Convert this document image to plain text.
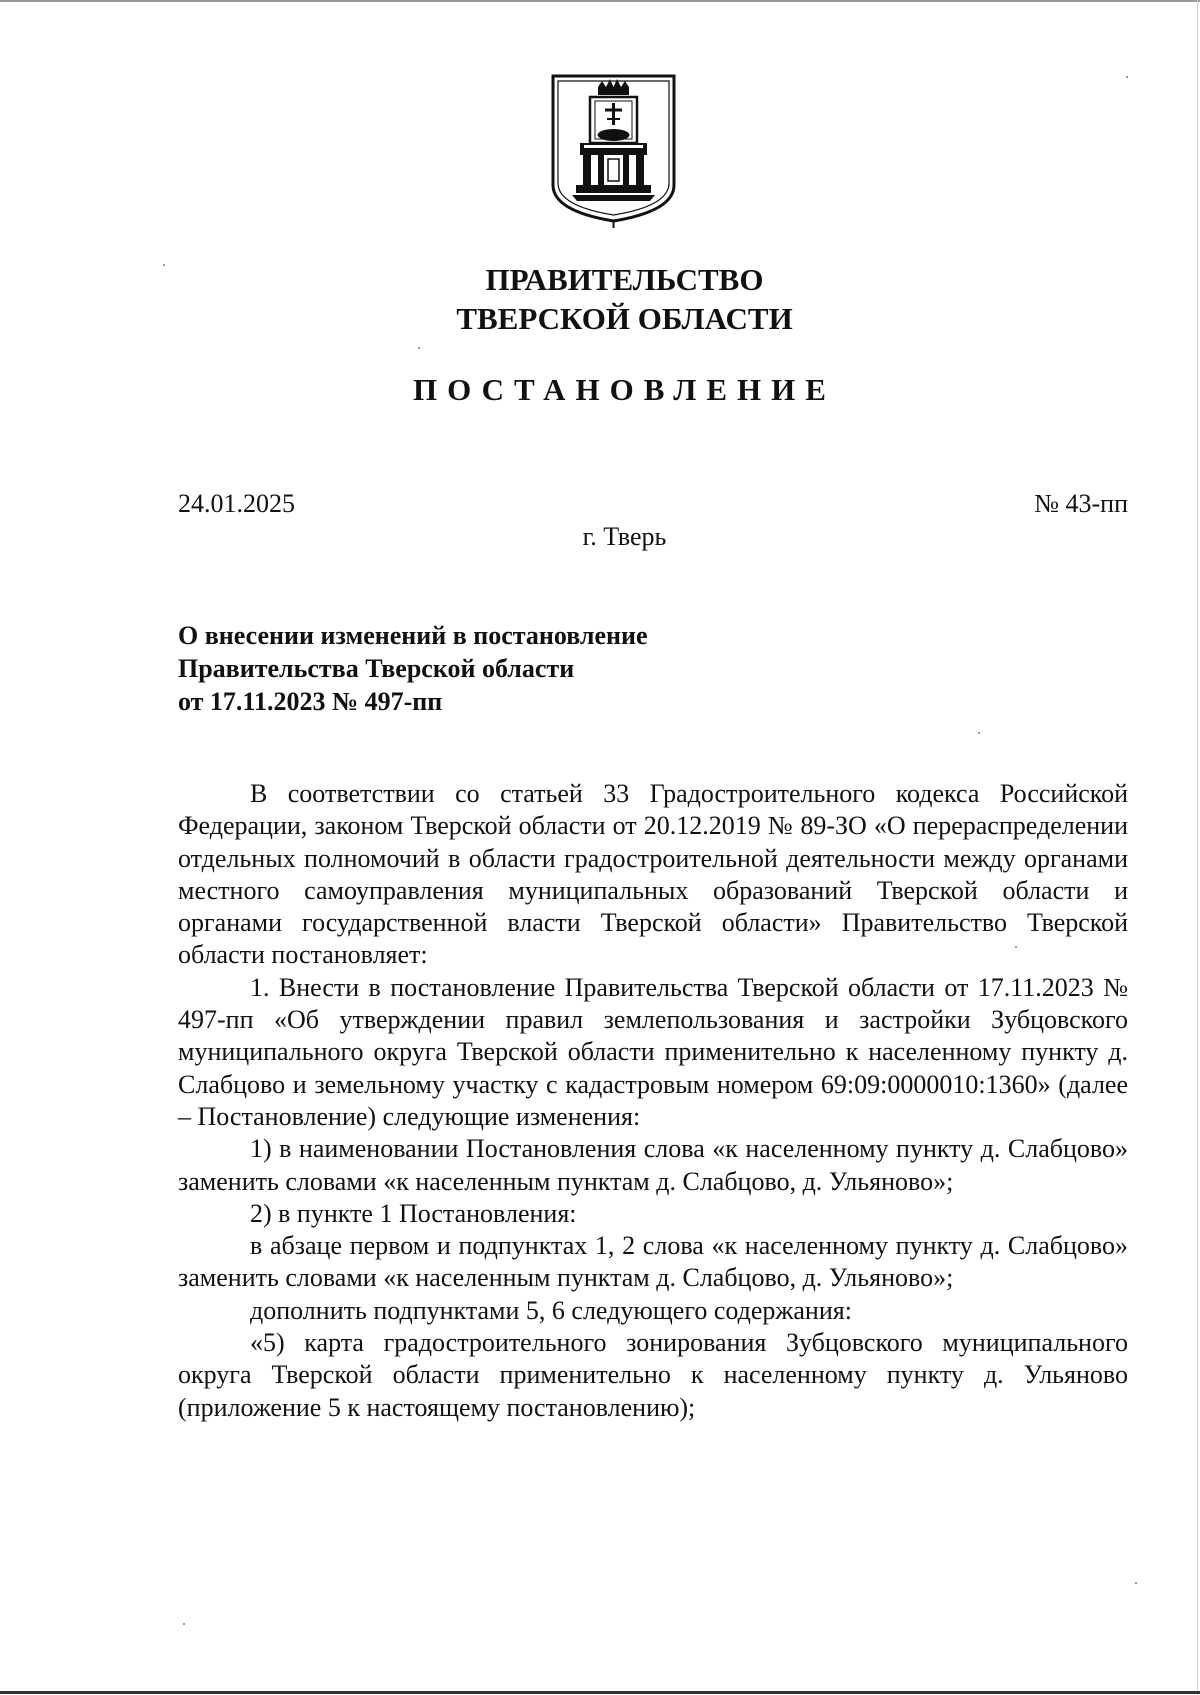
ПРАВИТЕЛЬСТВО
ТВЕРСКОЙ ОБЛАСТИ
ПОСТАНОВЛЕНИЕ
24.01.2025	№ 43-пп
г. Тверь
О внесении изменений в постановление
Правительства Тверской области
от 17.11.2023 № 497-пп

В соответствии со статьей 33 Градостроительного кодекса Российской Федерации, законом Тверской области от 20.12.2019 № 89-ЗО «О перераспределении отдельных полномочий в области градостроительной деятельности между органами местного самоуправления муниципальных образований Тверской области и органами государственной власти Тверской области» Правительство Тверской области постановляет:

1. Внести в постановление Правительства Тверской области от 17.11.2023 № 497-пп «Об утверждении правил землепользования и застройки Зубцовского муниципального округа Тверской области применительно к населенному пункту д. Слабцово и земельному участку с кадастровым номером 69:09:0000010:1360» (далее – Постановление) следующие изменения:

1) в наименовании Постановления слова «к населенному пункту д. Слабцово» заменить словами «к населенным пунктам д. Слабцово, д. Ульяново»;

2) в пункте 1 Постановления:

в абзаце первом и подпунктах 1, 2 слова «к населенному пункту д. Слабцово» заменить словами «к населенным пунктам д. Слабцово, д. Ульяново»;

дополнить подпунктами 5, 6 следующего содержания:

«5) карта градостроительного зонирования Зубцовского муниципального округа Тверской области применительно к населенному пункту д. Ульяново (приложение 5 к настоящему постановлению);
